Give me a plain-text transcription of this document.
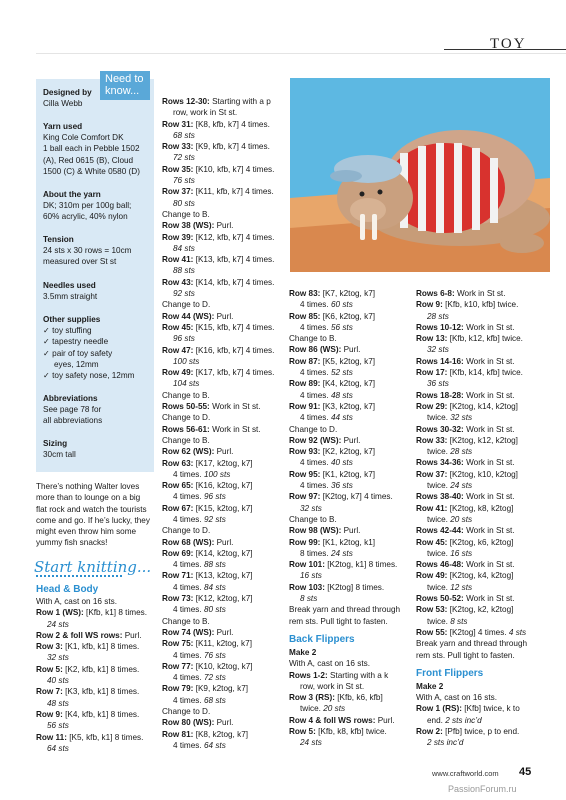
TOY
Need to
know...
Designed by
Cilla Webb
Yarn used
King Cole Comfort DK
1 ball each in Pebble 1502
(A), Red 0615 (B), Cloud
1500 (C) & White 0580 (D)
About the yarn
DK; 310m per 100g ball;
60% acrylic, 40% nylon
Tension
24 sts x 30 rows = 10cm
measured over St st
Needles used
3.5mm straight
Other supplies
✓ toy stuffing
✓ tapestry needle
✓ pair of toy safety
eyes, 12mm
✓ toy safety nose, 12mm
Abbreviations
See page 78 for
all abbreviations
Sizing
30cm tall
There’s nothing Walter loves
more than to lounge on a big
flat rock and watch the tourists
come and go. If he’s lucky, they
might even throw him some
yummy fish snacks!
Start knitting...
Head & Body
With A, cast on 16 sts.
Row 1 (WS): [Kfb, k1] 8 times.
24 sts
Row 2 & foll WS rows: Purl.
Row 3: [K1, kfb, k1] 8 times.
32 sts
Row 5: [K2, kfb, k1] 8 times.
40 sts
Row 7: [K3, kfb, k1] 8 times.
48 sts
Row 9: [K4, kfb, k1] 8 times.
56 sts
Row 11: [K5, kfb, k1] 8 times.
64 sts
Rows 12-30: Starting with a p
row, work in St st.
Row 31: [K8, kfb, k7] 4 times.
68 sts
Row 33: [K9, kfb, k7] 4 times.
72 sts
Row 35: [K10, kfb, k7] 4 times.
76 sts
Row 37: [K11, kfb, k7] 4 times.
80 sts
Change to B.
Row 38 (WS): Purl.
Row 39: [K12, kfb, k7] 4 times.
84 sts
Row 41: [K13, kfb, k7] 4 times.
88 sts
Row 43: [K14, kfb, k7] 4 times.
92 sts
Change to D.
Row 44 (WS): Purl.
Row 45: [K15, kfb, k7] 4 times.
96 sts
Row 47: [K16, kfb, k7] 4 times.
100 sts
Row 49: [K17, kfb, k7] 4 times.
104 sts
Change to B.
Rows 50-55: Work in St st.
Change to D.
Rows 56-61: Work in St st.
Change to B.
Row 62 (WS): Purl.
Row 63: [K17, k2tog, k7]
4 times. 100 sts
Row 65: [K16, k2tog, k7]
4 times. 96 sts
Row 67: [K15, k2tog, k7]
4 times. 92 sts
Change to D.
Row 68 (WS): Purl.
Row 69: [K14, k2tog, k7]
4 times. 88 sts
Row 71: [K13, k2tog, k7]
4 times. 84 sts
Row 73: [K12, k2tog, k7]
4 times. 80 sts
Change to B.
Row 74 (WS): Purl.
Row 75: [K11, k2tog, k7]
4 times. 76 sts
Row 77: [K10, k2tog, k7]
4 times. 72 sts
Row 79: [K9, k2tog, k7]
4 times. 68 sts
Change to D.
Row 80 (WS): Purl.
Row 81: [K8, k2tog, k7]
4 times. 64 sts
Row 83: [K7, k2tog, k7]
4 times. 60 sts
Row 85: [K6, k2tog, k7]
4 times. 56 sts
Change to B.
Row 86 (WS): Purl.
Row 87: [K5, k2tog, k7]
4 times. 52 sts
Row 89: [K4, k2tog, k7]
4 times. 48 sts
Row 91: [K3, k2tog, k7]
4 times. 44 sts
Change to D.
Row 92 (WS): Purl.
Row 93: [K2, k2tog, k7]
4 times. 40 sts
Row 95: [K1, k2tog, k7]
4 times. 36 sts
Row 97: [K2tog, k7] 4 times.
32 sts
Change to B.
Row 98 (WS): Purl.
Row 99: [K1, k2tog, k1]
8 times. 24 sts
Row 101: [K2tog, k1] 8 times.
16 sts
Row 103: [K2tog] 8 times.
8 sts
Break yarn and thread through
rem sts. Pull tight to fasten.
Back Flippers
Make 2
With A, cast on 16 sts.
Rows 1-2: Starting with a k
row, work in St st.
Row 3 (RS): [Kfb, k6, kfb]
twice. 20 sts
Row 4 & foll WS rows: Purl.
Row 5: [Kfb, k8, kfb] twice.
24 sts
Rows 6-8: Work in St st.
Row 9: [Kfb, k10, kfb] twice.
28 sts
Rows 10-12: Work in St st.
Row 13: [Kfb, k12, kfb] twice.
32 sts
Rows 14-16: Work in St st.
Row 17: [Kfb, k14, kfb] twice.
36 sts
Rows 18-28: Work in St st.
Row 29: [K2tog, k14, k2tog]
twice. 32 sts
Rows 30-32: Work in St st.
Row 33: [K2tog, k12, k2tog]
twice. 28 sts
Rows 34-36: Work in St st.
Row 37: [K2tog, k10, k2tog]
twice. 24 sts
Rows 38-40: Work in St st.
Row 41: [K2tog, k8, k2tog]
twice. 20 sts
Rows 42-44: Work in St st.
Row 45: [K2tog, k6, k2tog]
twice. 16 sts
Rows 46-48: Work in St st.
Row 49: [K2tog, k4, k2tog]
twice. 12 sts
Rows 50-52: Work in St st.
Row 53: [K2tog, k2, k2tog]
twice. 8 sts
Row 55: [K2tog] 4 times. 4 sts
Break yarn and thread through
rem sts. Pull tight to fasten.
Front Flippers
Make 2
With A, cast on 16 sts.
Row 1 (RS): [Kfb] twice, k to
end. 2 sts inc’d
Row 2: [Pfb] twice, p to end.
2 sts inc’d
www.craftworld.com 45
PassionForum.ru
